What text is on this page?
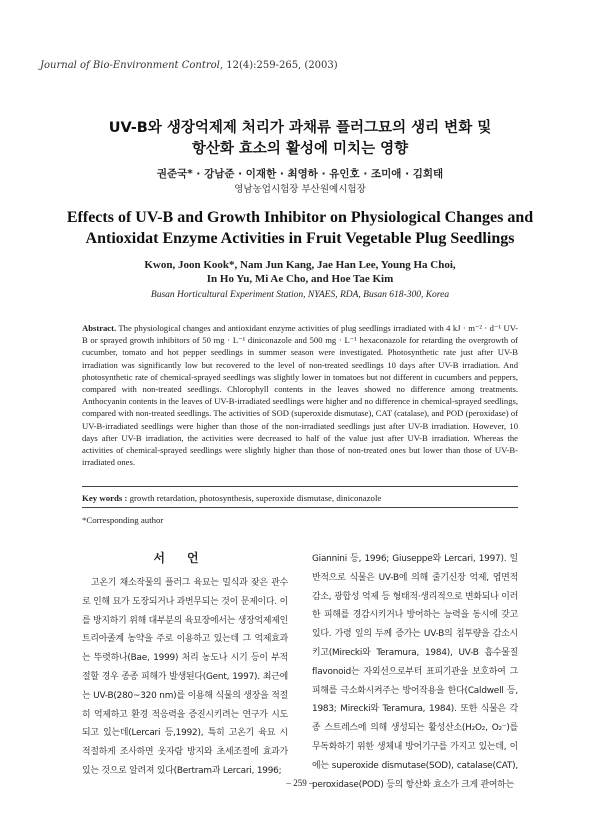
Journal of Bio-Environment Control, 12(4):259-265, (2003)
UV-B와 생장억제제 처리가 과채류 플러그묘의 생리 변화 및
항산화 효소의 활성에 미치는 영향
권준국* · 강남준 · 이재한 · 최영하 · 유인호 · 조미애 · 김회태
영남농업시험장 부산원예시험장
Effects of UV-B and Growth Inhibitor on Physiological Changes and
Antioxidat Enzyme Activities in Fruit Vegetable Plug Seedlings
Kwon, Joon Kook*, Nam Jun Kang, Jae Han Lee, Young Ha Choi,
In Ho Yu, Mi Ae Cho, and Hoe Tae Kim
Busan Horticultural Experiment Station, NYAES, RDA, Busan 618-300, Korea
Abstract. The physiological changes and antioxidant enzyme activities of plug seedlings irradiated with 4 kJ · m⁻² · d⁻¹ UV-B or sprayed growth inhibitors of 50 mg · L⁻¹ diniconazole and 500 mg · L⁻¹ hexaconazole for retarding the overgrowth of cucumber, tomato and hot pepper seedlings in summer season were investigated. Photosynthetic rate just after UV-B irradiation was significantly low but recovered to the level of non-treated seedlings 10 days after UV-B irradiation. And photosynthetic rate of chemical-sprayed seedlings was slightly lower in tomatoes but not different in cucumbers and peppers, compared with non-treated seedlings. Chlorophyll contents in the leaves showed no difference among treatments. Anthocyanin contents in the leaves of UV-B-irradiated seedlings were higher and no difference in chemical-sprayed seedlings, compared with non-treated seedlings. The activities of SOD (superoxide dismutase), CAT (catalase), and POD (peroxidase) of UV-B-irradiated seedlings were higher than those of the non-irradiated seedlings just after UV-B irradiation. However, 10 days after UV-B irradiation, the activities were decreased to half of the value just after UV-B irradiation. Whereas the activities of chemical-sprayed seedlings were slightly higher than those of non-treated ones but lower than those of UV-B-irradiated ones.
Key words : growth retardation, photosynthesis, superoxide dismutase, diniconazole
*Corresponding author
서언
고온기 채소작물의 플러그 육묘는 밀식과 잦은 관수로 인해 묘가 도장되거나 과번무되는 것이 문제이다. 이를 방지하기 위해 대부분의 육묘장에서는 생장억제제인 트리아졸계 농약을 주로 이용하고 있는데 그 억제효과는 뚜렷하나(Bae, 1999) 처리 농도나 시기 등이 부적절할 경우 종종 피해가 발생된다(Gent, 1997). 최근에는 UV-B(280~320 nm)를 이용해 식물의 생장을 적절히 억제하고 환경 적응력을 증진시키려는 연구가 시도되고 있는데(Lercari 등,1992), 특히 고온기 육묘 시 적절하게 조사하면 웃자람 방지와 초세조절에 효과가 있는 것으로 알려져 있다(Bertram과 Lercari, 1996;
Giannini 등, 1996; Giuseppe와 Lercari, 1997). 일반적으로 식물은 UV-B에 의해 줄기신장 억제, 엽면적 감소, 광합성 억제 등 형태적·생리적으로 변화되나 이러한 피해를 경감시키거나 방어하는 능력을 동시에 갖고 있다. 가령 잎의 두께 증가는 UV-B의 침투량을 감소시키고(Mirecki와 Teramura, 1984), UV-B 흡수물질 flavonoid는 자외선으로부터 표피기관을 보호하여 그 피해를 극소화시켜주는 방어작용을 한다(Caldwell 등, 1983; Mirecki와 Teramura, 1984). 또한 식물은 각종 스트레스에 의해 생성되는 활성산소(H₂O₂, O₂⁻)를 무독화하기 위한 생체내 방어기구를 가지고 있는데, 이에는 superoxide dismutase(SOD), catalase(CAT), peroxidase(POD) 등의 항산화 효소가 크게 관여하는
– 259 –
